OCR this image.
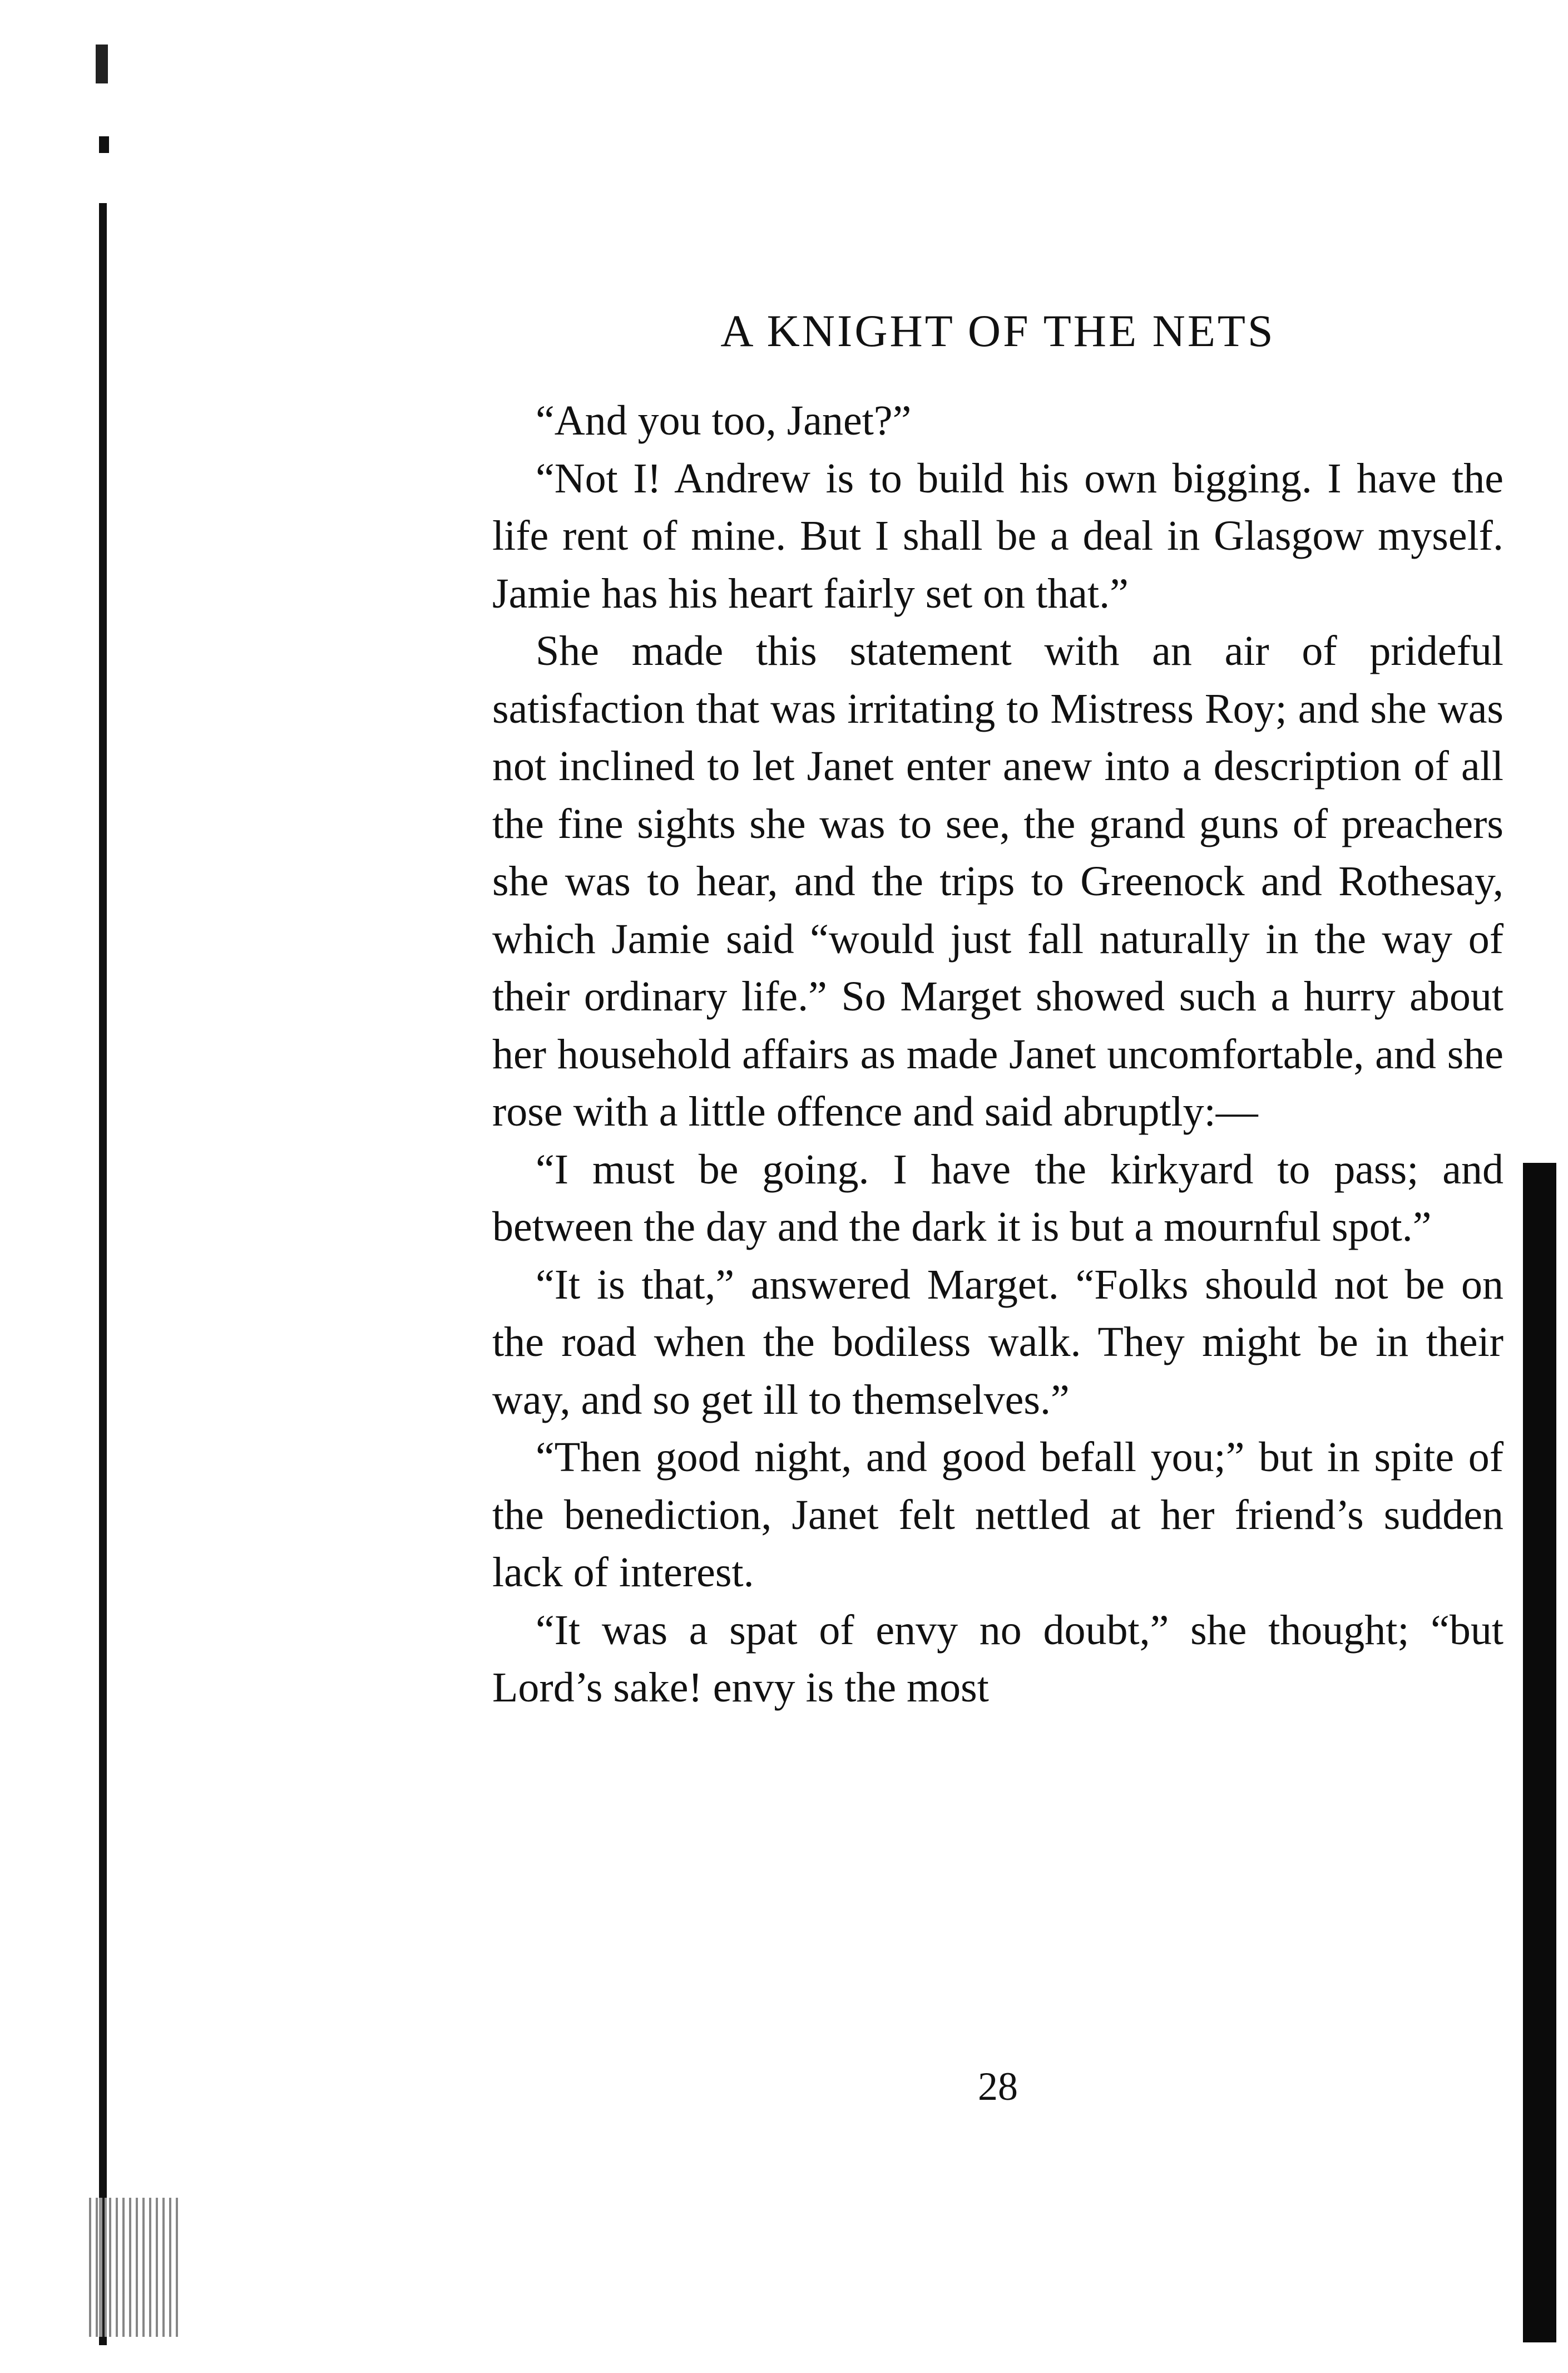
A KNIGHT OF THE NETS

“And you too, Janet?”

“Not I! Andrew is to build his own bigging. I have the life rent of mine. But I shall be a deal in Glasgow myself. Jamie has his heart fairly set on that.”

She made this statement with an air of prideful satisfaction that was irritating to Mistress Roy; and she was not inclined to let Janet enter anew into a description of all the fine sights she was to see, the grand guns of preachers she was to hear, and the trips to Greenock and Rothesay, which Jamie said “would just fall naturally in the way of their ordinary life.” So Marget showed such a hurry about her household affairs as made Janet uncomfortable, and she rose with a little offence and said abruptly:—

“I must be going. I have the kirkyard to pass; and between the day and the dark it is but a mournful spot.”

“It is that,” answered Marget. “Folks should not be on the road when the bodiless walk. They might be in their way, and so get ill to themselves.”

“Then good night, and good befall you;” but in spite of the benediction, Janet felt nettled at her friend’s sudden lack of interest.

“It was a spat of envy no doubt,” she thought; “but Lord’s sake! envy is the most

28
